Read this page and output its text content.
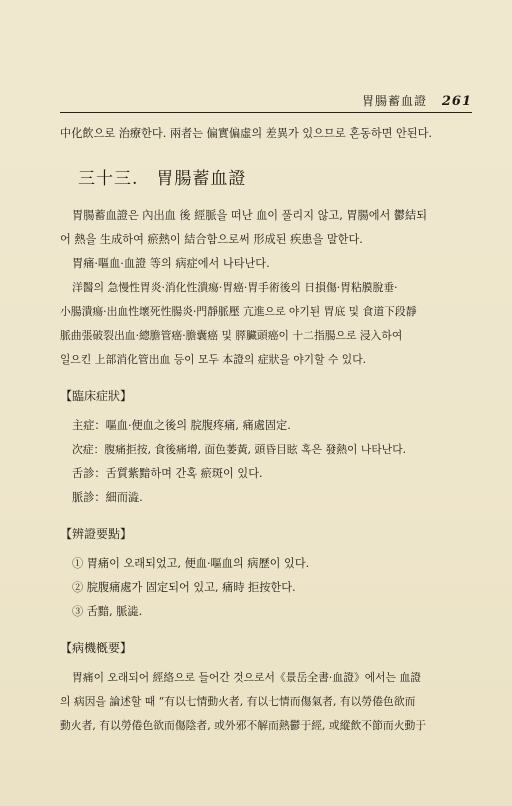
胃腸蓄血證 261
中化飲으로 治療한다. 兩者는 偏實偏虛의 差異가 있으므로 혼동하면 안된다.
三十三. 胃腸蓄血證
胃腸蓄血證은 內出血 後 經脈을 떠난 血이 풀리지 않고, 胃腸에서 鬱結되
어 熱을 生成하여 瘀熱이 結合함으로써 形成된 疾患을 말한다.
胃痛·嘔血·血證 等의 病症에서 나타난다.
洋醫의 急慢性胃炎·消化性潰瘍·胃癌·胃手術後의 日損傷·胃粘膜脫垂·
小腸潰瘍·出血性壞死性腸炎·門靜脈壓 亢進으로 야기된 胃底 및 食道下段靜
脈曲張破裂出血·總膽管癌·膽囊癌 및 膵臟頭癌이 十二指腸으로 浸入하여
일으킨 上部消化管出血 등이 모두 本證의 症狀을 야기할 수 있다.
【臨床症狀】
主症：嘔血·便血之後의 脘腹疼痛, 痛處固定.
次症：腹痛拒按, 食後痛增, 面色萎黃, 頭昏目眩 혹은 發熱이 나타난다.
舌診：舌質紫黯하며 간혹 瘀斑이 있다.
脈診：細而澁.
【辨證要點】
① 胃痛이 오래되었고, 便血·嘔血의 病歷이 있다.
② 脘腹痛處가 固定되어 있고, 痛時 拒按한다.
③ 舌黯, 脈澁.
【病機槪要】
胃痛이 오래되어 經絡으로 들어간 것으로서《景岳全書·血證》에서는 血證
의 病因을 論述할 때 “有以七情動火者, 有以七情而傷氣者, 有以勞倦色欲而
動火者, 有以勞倦色欲而傷陰者, 或外邪不解而熱鬱于經, 或縱飲不節而火動于
